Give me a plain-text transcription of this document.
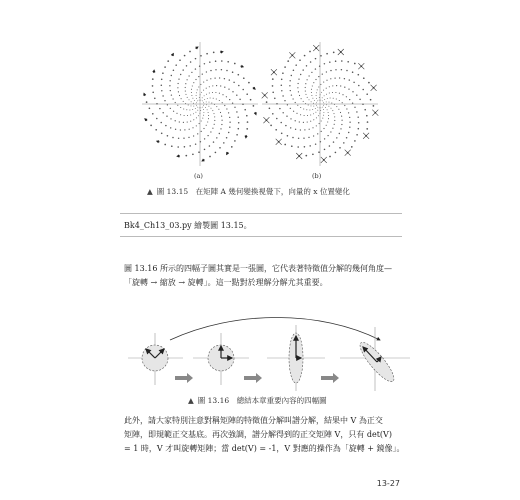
(a)	(b)
▲ 圖 13.15　在矩陣 A 幾何變換視覺下，向量的 x 位置變化
Bk4_Ch13_03.py 繪製圖 13.15。
圖 13.16 所示的四幅子圖其實是一張圖，它代表著特徵值分解的幾何角度—
「旋轉 → 縮放 → 旋轉」。這一點對於理解分解尤其重要。
▲ 圖 13.16　總結本章重要內容的四幅圖
此外，請大家特別注意對稱矩陣的特徵值分解叫譜分解，結果中 V 為正交
矩陣，即規範正交基底。再次強調，譜分解得到的正交矩陣 V，只有 det(V)
= 1 時，V 才叫旋轉矩陣；當 det(V) = -1，V 對應的操作為「旋轉 + 鏡像」。
13-27
